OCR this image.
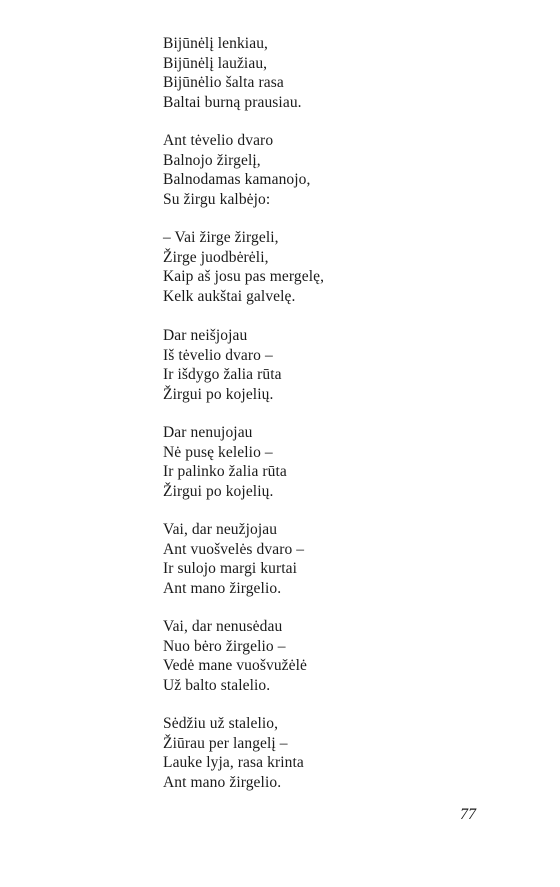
Bijūnėlį lenkiau,
Bijūnėlį laužiau,
Bijūnėlio šalta rasa
Baltai burną prausiau.
Ant tėvelio dvaro
Balnojo žirgelį,
Balnodamas kamanojo,
Su žirgu kalbėjo:
– Vai žirge žirgeli,
Žirge juodbėrėli,
Kaip aš josu pas mergelę,
Kelk aukštai galvelę.
Dar neišjojau
Iš tėvelio dvaro –
Ir išdygo žalia rūta
Žirgui po kojelių.
Dar nenujojau
Nė pusę kelelio –
Ir palinko žalia rūta
Žirgui po kojelių.
Vai, dar neužjojau
Ant vuošvelės dvaro –
Ir sulojo margi kurtai
Ant mano žirgelio.
Vai, dar nenusėdau
Nuo bėro žirgelio –
Vedė mane vuošvužėlė
Už balto stalelio.
Sėdžiu už stalelio,
Žiūrau per langelį –
Lauke lyja, rasa krinta
Ant mano žirgelio.
77
